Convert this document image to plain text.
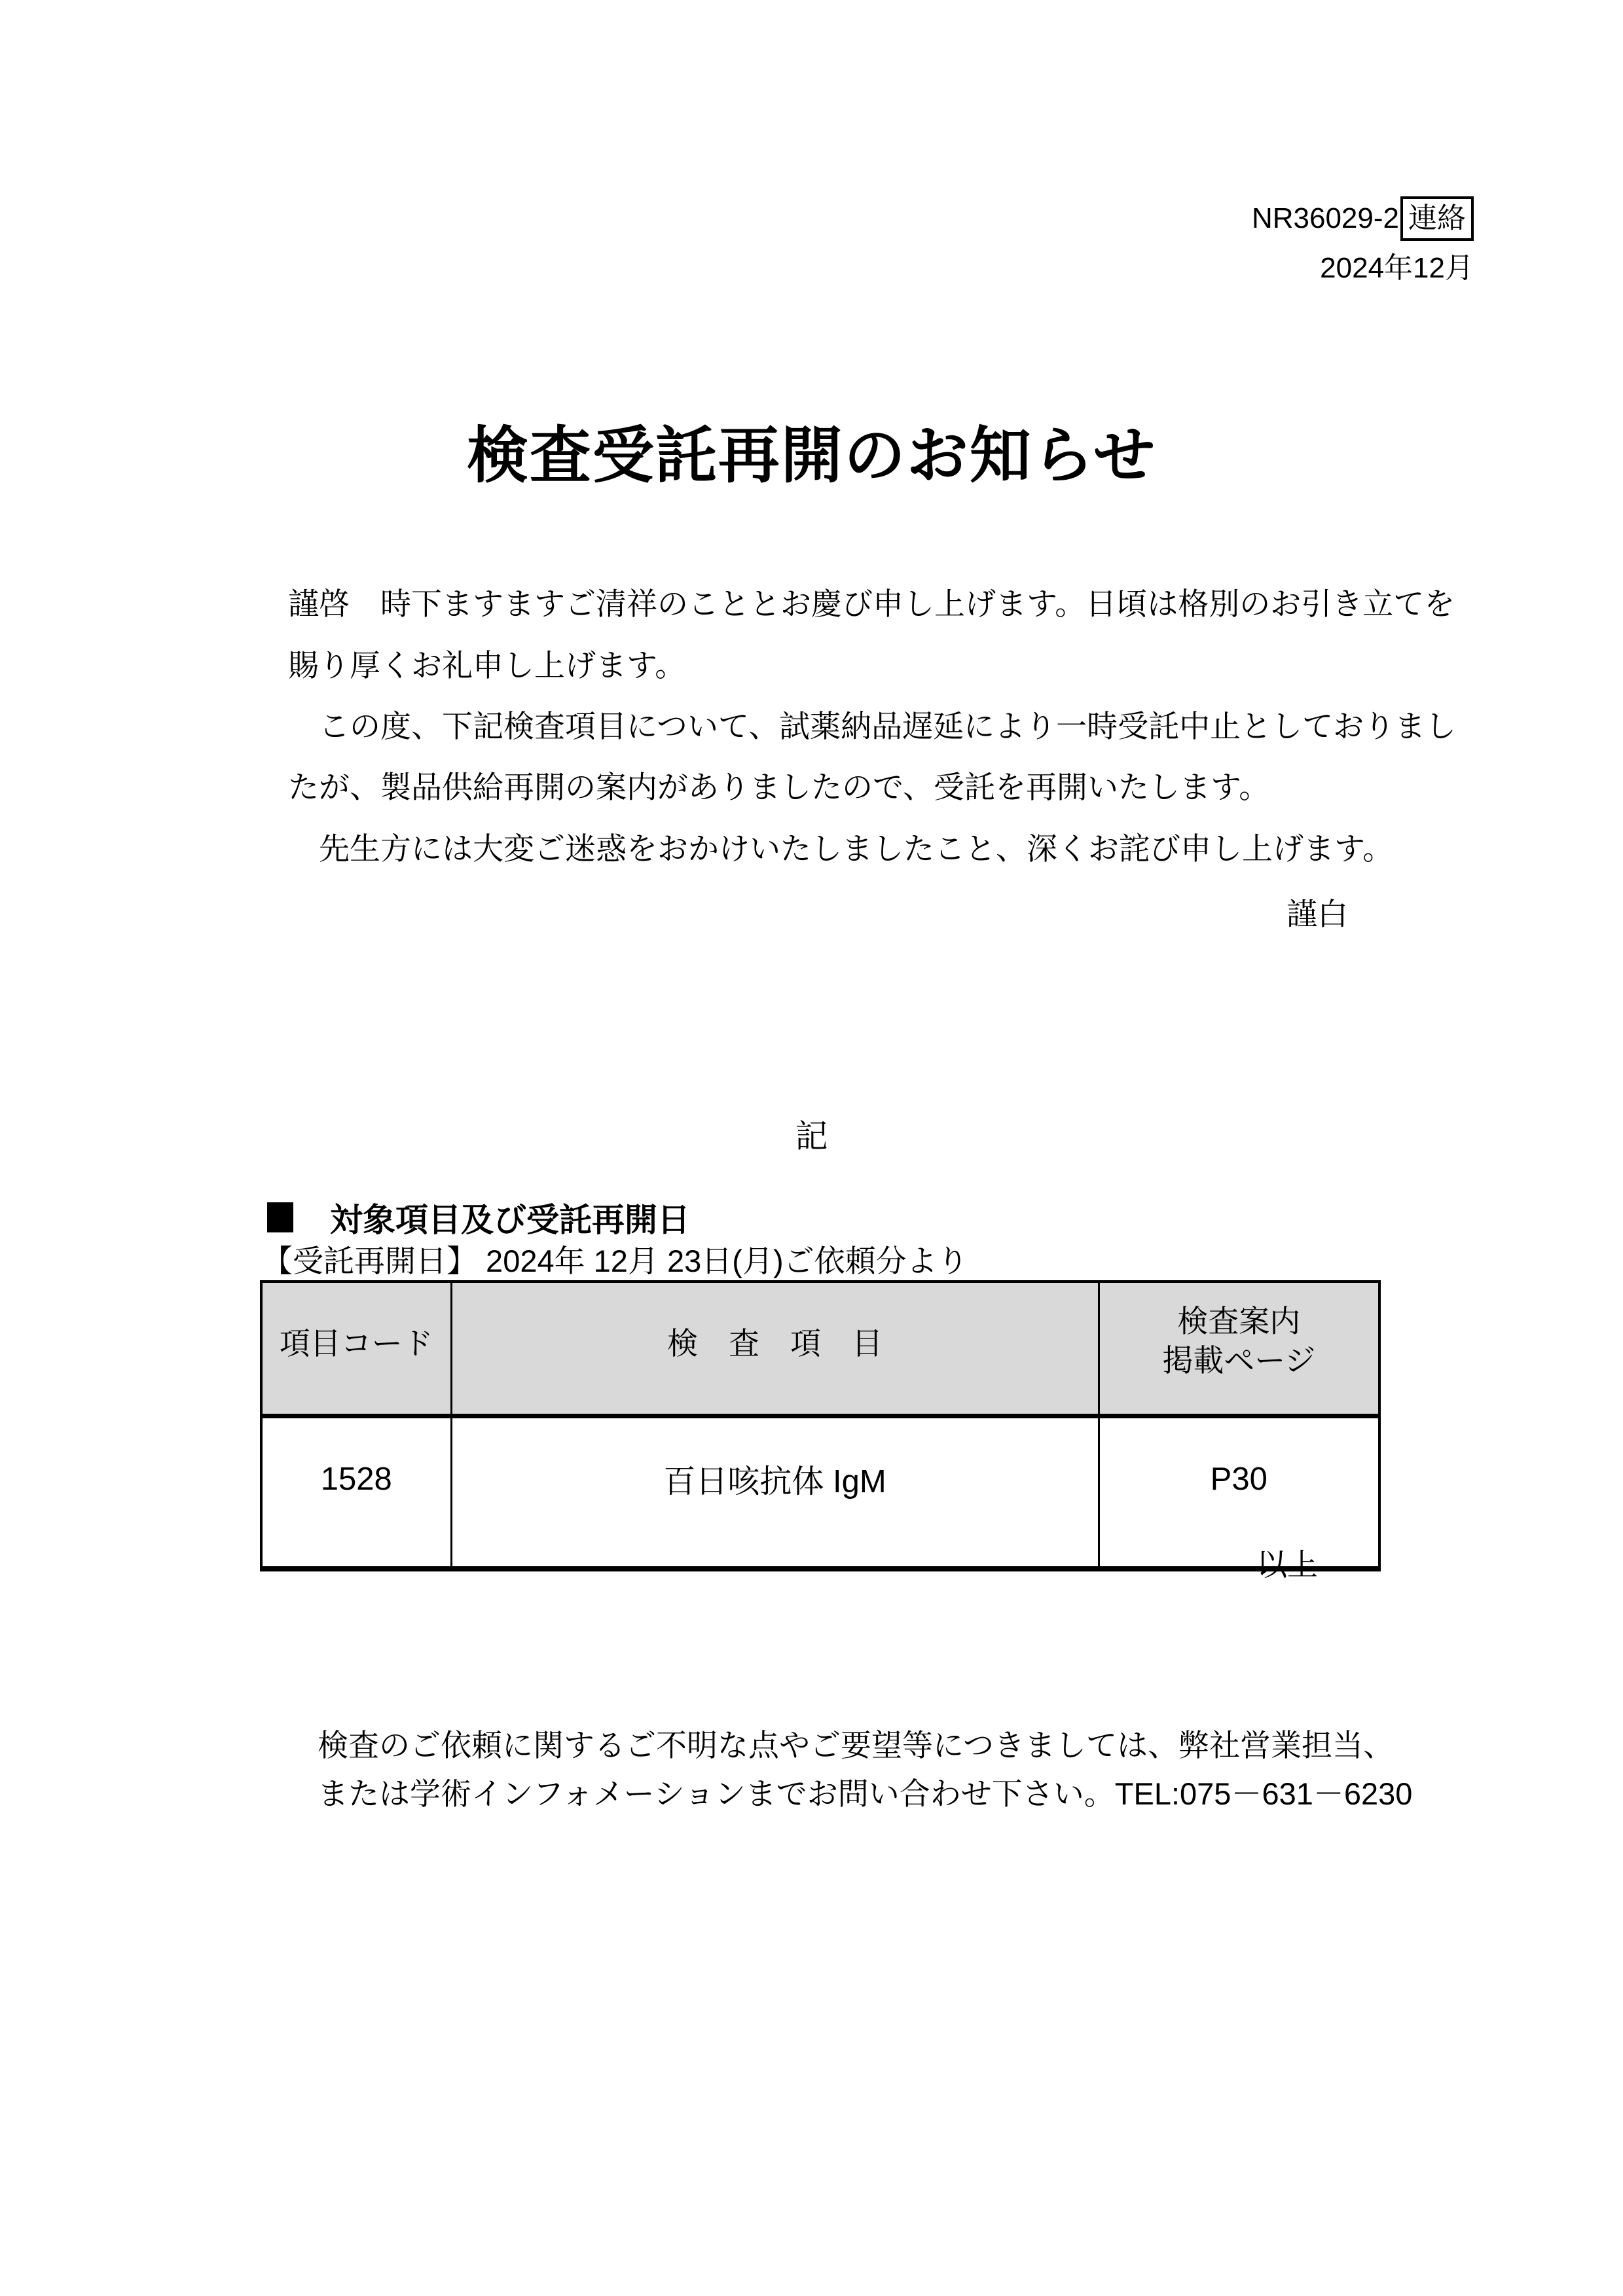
NR36029-2 連絡
2024年12月
検査受託再開のお知らせ
謹啓　時下ますますご清祥のこととお慶び申し上げます。日頃は格別のお引き立てを
賜り厚くお礼申し上げます。
　この度、下記検査項目について、試薬納品遅延により一時受託中止としておりまし
たが、製品供給再開の案内がありましたので、受託を再開いたします。
　先生方には大変ご迷惑をおかけいたしましたこと、深くお詫び申し上げます。
謹白
記
対象項目及び受託再開日
【受託再開日】 2024年 12月 23日(月)ご依頼分より
項目コード	検　査　項　目	検査案内
掲載ページ

1528	百日咳抗体 IgM	P30
以上
検査のご依頼に関するご不明な点やご要望等につきましては、弊社営業担当、
または学術インフォメーションまでお問い合わせ下さい。TEL:075－631－6230
